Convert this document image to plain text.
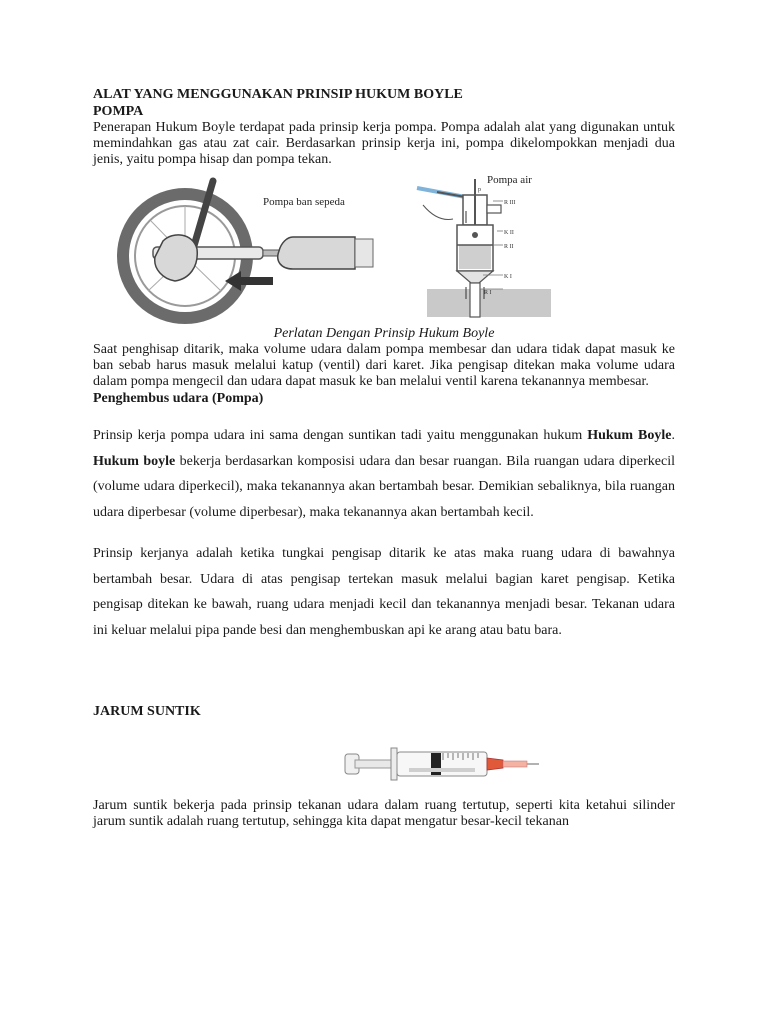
ALAT YANG MENGGUNAKAN PRINSIP HUKUM BOYLE

POMPA

Penerapan Hukum Boyle terdapat pada prinsip kerja pompa. Pompa adalah alat yang digunakan untuk memindahkan gas atau zat cair. Berdasarkan prinsip kerja ini, pompa dikelompokkan menjadi dua jenis, yaitu pompa hisap dan pompa tekan.

Pompa ban sepeda
Pompa air
p
R III
K II
R II
K I
R I

Perlatan Dengan Prinsip Hukum Boyle

Saat penghisap ditarik, maka volume udara dalam pompa membesar dan udara tidak dapat masuk ke ban sebab harus masuk melalui katup (ventil) dari karet. Jika pengisap ditekan maka volume udara dalam pompa mengecil dan udara dapat masuk ke ban melalui ventil karena tekanannya membesar.

Penghembus udara (Pompa)

Prinsip kerja pompa udara ini sama dengan suntikan tadi yaitu menggunakan hukum Hukum Boyle. Hukum boyle bekerja berdasarkan komposisi udara dan besar ruangan. Bila ruangan udara diperkecil (volume udara diperkecil), maka tekanannya akan bertambah besar. Demikian sebaliknya, bila ruangan udara diperbesar (volume diperbesar), maka tekanannya akan bertambah kecil.

Prinsip kerjanya adalah ketika tungkai pengisap ditarik ke atas maka ruang udara di bawahnya bertambah besar. Udara di atas pengisap tertekan masuk melalui bagian karet pengisap. Ketika pengisap ditekan ke bawah, ruang udara menjadi kecil dan tekanannya menjadi besar. Tekanan udara ini keluar melalui pipa pande besi dan menghembuskan api ke arang atau batu bara.

JARUM SUNTIK

Jarum suntik bekerja pada prinsip tekanan udara dalam ruang tertutup, seperti kita ketahui silinder jarum suntik adalah ruang tertutup, sehingga kita dapat mengatur besar-kecil tekanan
